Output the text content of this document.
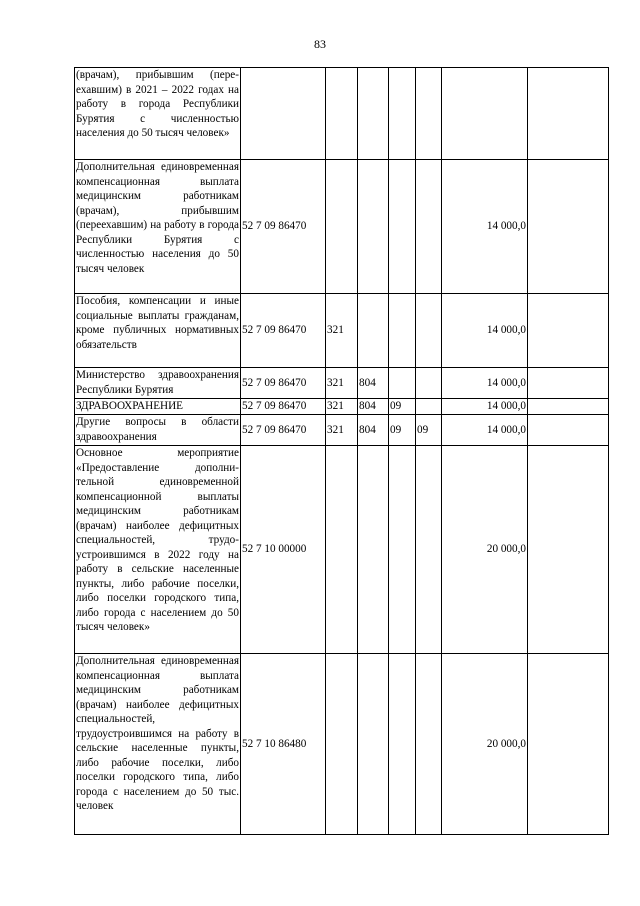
83
(врачам), прибывшим (переехавшим) в 2021 – 2022 годах на работу в города Республики Бурятия с численностью населения до 50 тысяч человек»							
Дополнительная единовременная компенсационная выплата медицинским работникам (врачам), прибывшим (переехавшим) на работу в города Республики Бурятия с численностью населения до 50 тысяч человек	52 7 09 86470					14 000,0	
Пособия, компенсации и иные социальные выплаты гражданам, кроме публичных нормативных обязательств	52 7 09 86470	321				14 000,0	
Министерство здравоохранения Республики Бурятия	52 7 09 86470	321	804			14 000,0	
ЗДРАВООХРАНЕНИЕ	52 7 09 86470	321	804	09		14 000,0	
Другие вопросы в области здравоохранения	52 7 09 86470	321	804	09	09	14 000,0	
Основное мероприятие «Предоставление дополнительной единовременной компенсационной выплаты медицинским работникам (врачам) наиболее дефицитных специальностей, трудоустроившимся в 2022 году на работу в сельские населенные пункты, либо рабочие поселки, либо поселки городского типа, либо города с населением до 50 тысяч человек»	52 7 10 00000					20 000,0	
Дополнительная единовременная компенсационная выплата медицинским работникам (врачам) наиболее дефицитных специальностей, трудоустроившимся на работу в сельские населенные пункты, либо рабочие поселки, либо поселки городского типа, либо города с населением до 50 тыс. человек	52 7 10 86480					20 000,0	
